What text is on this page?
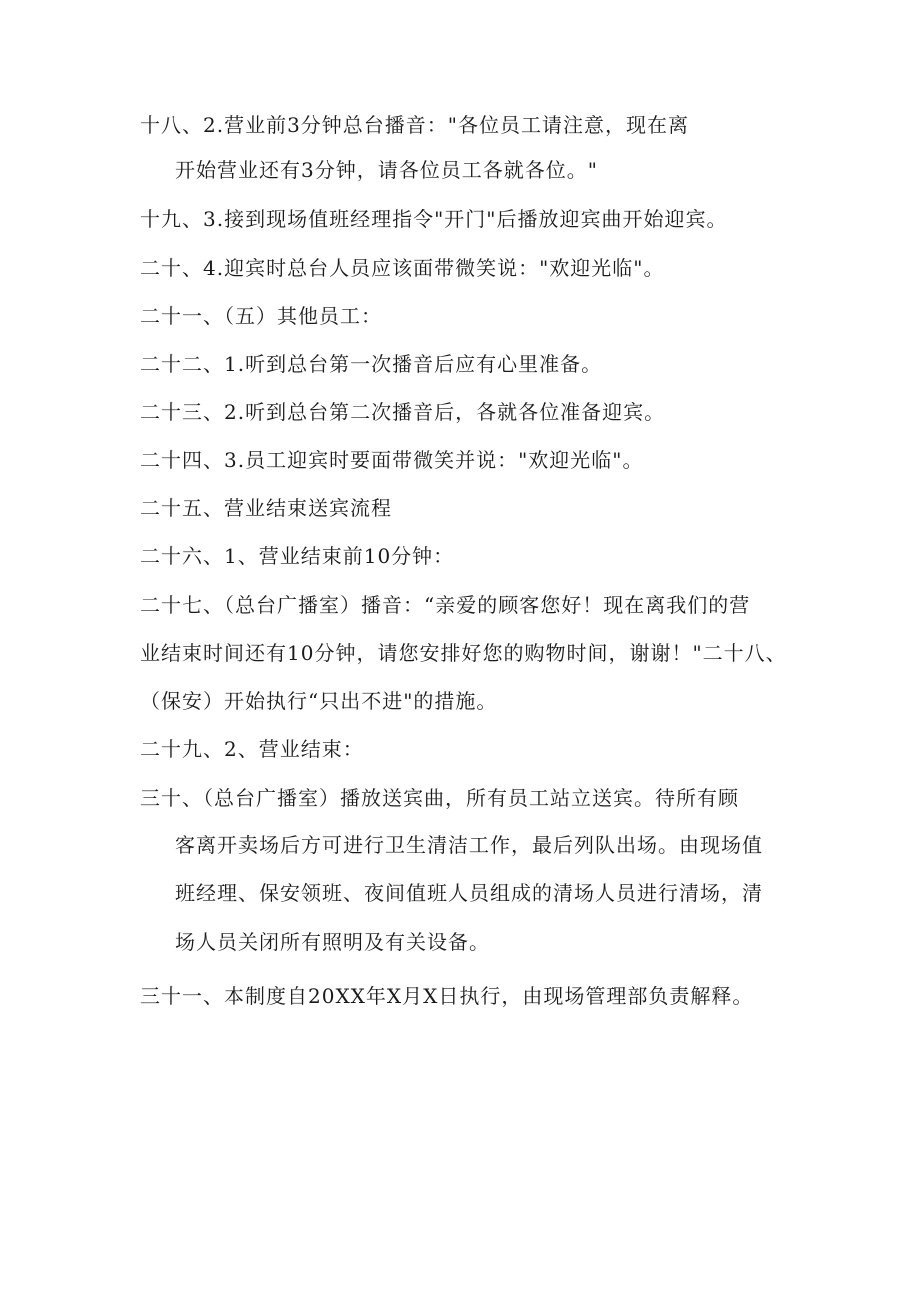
十八、2.营业前3分钟总台播音："各位员工请注意，现在离
开始营业还有3分钟，请各位员工各就各位。"
十九、3.接到现场值班经理指令"开门"后播放迎宾曲开始迎宾。
二十、4.迎宾时总台人员应该面带微笑说："欢迎光临"。
二十一、（五）其他员工：
二十二、1.听到总台第一次播音后应有心里准备。
二十三、2.听到总台第二次播音后，各就各位准备迎宾。
二十四、3.员工迎宾时要面带微笑并说："欢迎光临"。
二十五、营业结束送宾流程
二十六、1、营业结束前10分钟：
二十七、（总台广播室）播音：“亲爱的顾客您好！现在离我们的营
业结束时间还有10分钟，请您安排好您的购物时间，谢谢！"二十八、
（保安）开始执行“只出不进"的措施。
二十九、2、营业结束：
三十、（总台广播室）播放送宾曲，所有员工站立送宾。待所有顾
客离开卖场后方可进行卫生清洁工作，最后列队出场。由现场值
班经理、保安领班、夜间值班人员组成的清场人员进行清场，清
场人员关闭所有照明及有关设备。
三十一、本制度自20XX年X月X日执行，由现场管理部负责解释。
